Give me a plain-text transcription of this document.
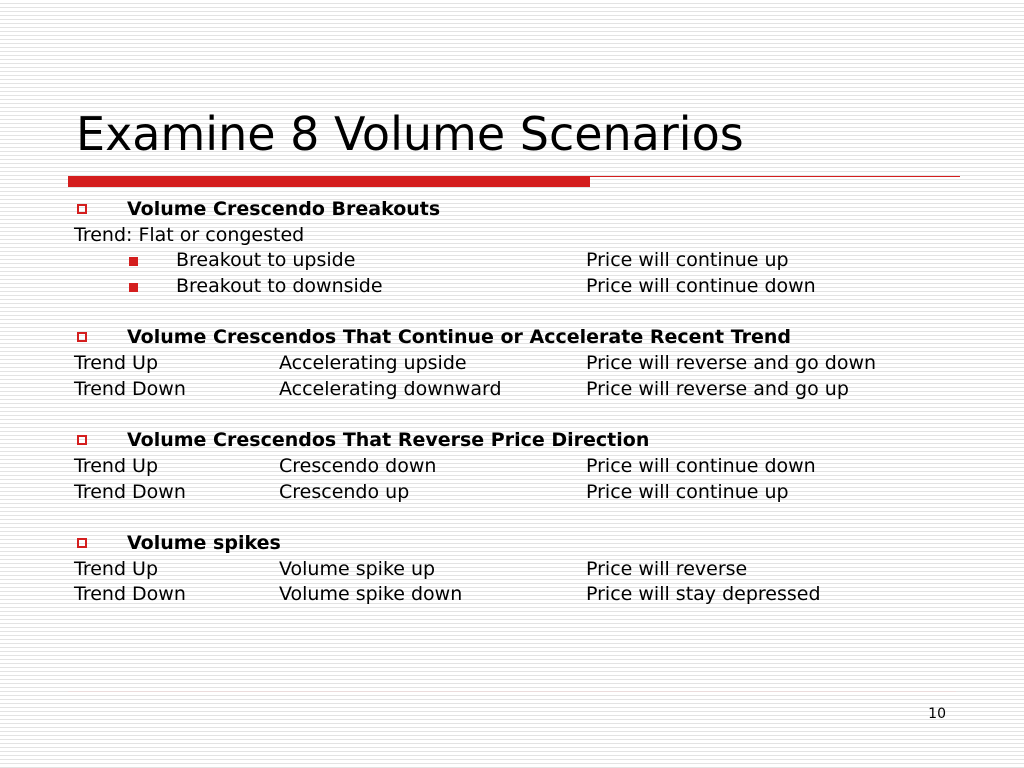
Examine 8 Volume Scenarios
Volume Crescendo Breakouts
Trend: Flat or congested
Breakout to upside	Price will continue up
Breakout to downside	Price will continue down
Volume Crescendos That Continue or Accelerate Recent Trend
Trend Up	Accelerating upside	Price will reverse and go down
Trend Down	Accelerating downward	Price will reverse and go up
Volume Crescendos That Reverse Price Direction
Trend Up	Crescendo down	Price will continue down
Trend Down	Crescendo up	Price will continue up
Volume spikes
Trend Up	Volume spike up	Price will reverse
Trend Down	Volume spike down	Price will stay depressed
10
